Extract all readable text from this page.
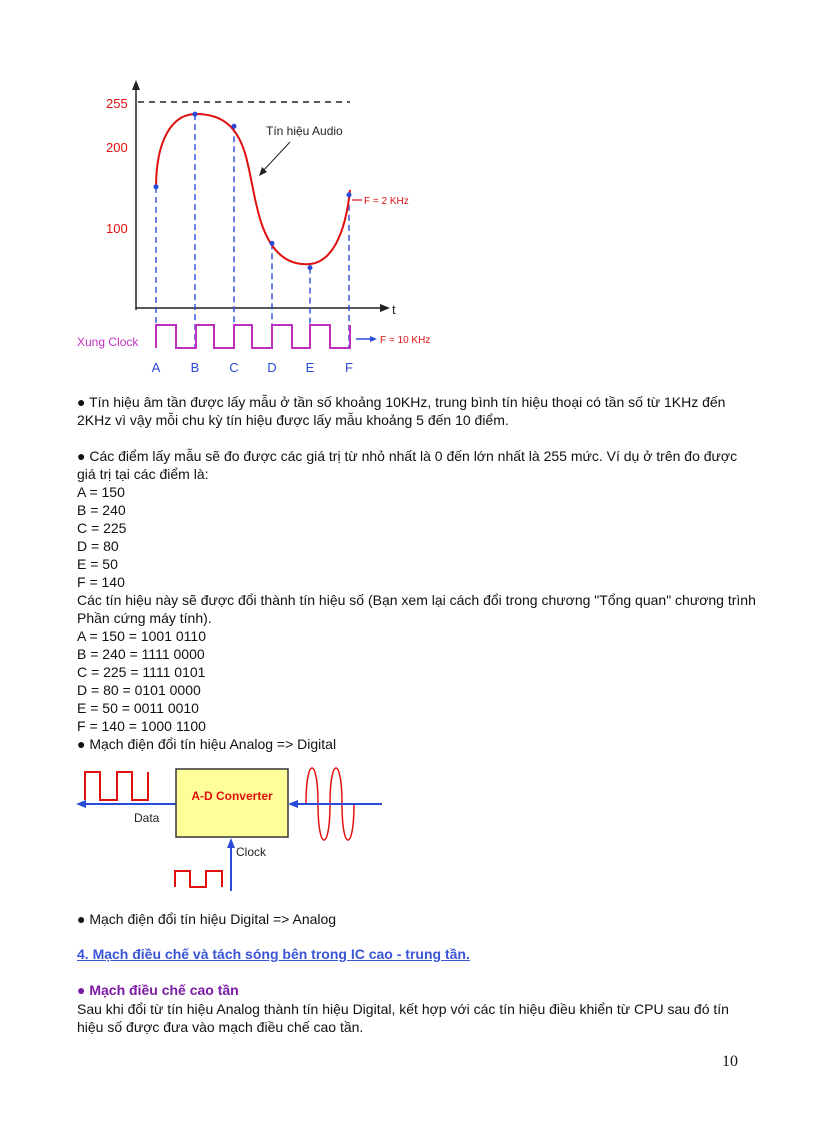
t
255
200
100
Tín hiệu Audio
F = 2 KHz
Xung Clock	F = 10 KHz
A B C D E F
● Tín hiệu âm tần được lấy mẫu ở tần số khoảng 10KHz, trung bình tín hiệu thoại có tần số từ 1KHz đến 2KHz vì vậy mỗi chu kỳ tín hiệu được lấy mẫu khoảng 5 đến 10 điểm.
● Các điểm lấy mẫu sẽ đo được các giá trị từ nhỏ nhất là 0 đến lớn nhất là 255 mức. Ví dụ ở trên đo được giá trị tại các điểm là:
A = 150
B = 240
C = 225
D = 80
E = 50
F = 140
Các tín hiệu này sẽ được đổi thành tín hiệu số (Bạn xem lại cách đổi trong chương "Tổng quan" chương trình Phần cứng máy tính).
A = 150 = 1001 0110
B = 240 = 1111 0000
C = 225 = 1111 0101
D = 80 = 0101 0000
E = 50 = 0011 0010
F = 140 = 1000 1100
● Mạch điện đổi tín hiệu Analog => Digital
Data
A-D Converter
Clock
● Mạch điện đổi tín hiệu Digital => Analog
4. Mạch điều chế và tách sóng bên trong IC cao - trung tần.
● Mạch điều chế cao tần
Sau khi đổi từ tín hiệu Analog thành tín hiệu Digital, kết hợp với các tín hiệu điều khiển từ CPU sau đó tín hiệu số được đưa vào mạch điều chế cao tần.
10
